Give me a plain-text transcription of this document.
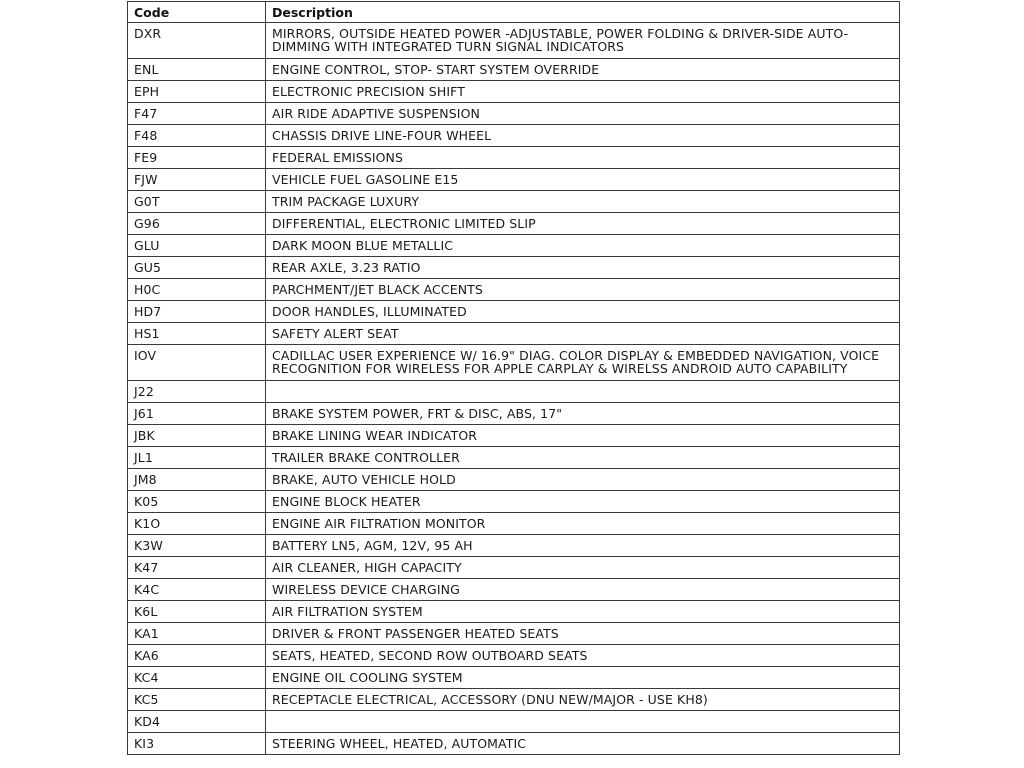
Code	Description
DXR	MIRRORS, OUTSIDE HEATED POWER -ADJUSTABLE, POWER FOLDING & DRIVER-SIDE AUTO-DIMMING WITH INTEGRATED TURN SIGNAL INDICATORS
ENL	ENGINE CONTROL, STOP- START SYSTEM OVERRIDE
EPH	ELECTRONIC PRECISION SHIFT
F47	AIR RIDE ADAPTIVE SUSPENSION
F48	CHASSIS DRIVE LINE-FOUR WHEEL
FE9	FEDERAL EMISSIONS
FJW	VEHICLE FUEL GASOLINE E15
G0T	TRIM PACKAGE LUXURY
G96	DIFFERENTIAL, ELECTRONIC LIMITED SLIP
GLU	DARK MOON BLUE METALLIC
GU5	REAR AXLE, 3.23 RATIO
H0C	PARCHMENT/JET BLACK ACCENTS
HD7	DOOR HANDLES, ILLUMINATED
HS1	SAFETY ALERT SEAT
IOV	CADILLAC USER EXPERIENCE W/ 16.9" DIAG. COLOR DISPLAY & EMBEDDED NAVIGATION, VOICE RECOGNITION FOR WIRELESS FOR APPLE CARPLAY & WIRELSS ANDROID AUTO CAPABILITY
J22	
J61	BRAKE SYSTEM POWER, FRT & DISC, ABS, 17"
JBK	BRAKE LINING WEAR INDICATOR
JL1	TRAILER BRAKE CONTROLLER
JM8	BRAKE, AUTO VEHICLE HOLD
K05	ENGINE BLOCK HEATER
K1O	ENGINE AIR FILTRATION MONITOR
K3W	BATTERY LN5, AGM, 12V, 95 AH
K47	AIR CLEANER, HIGH CAPACITY
K4C	WIRELESS DEVICE CHARGING
K6L	AIR FILTRATION SYSTEM
KA1	DRIVER & FRONT PASSENGER HEATED SEATS
KA6	SEATS, HEATED, SECOND ROW OUTBOARD SEATS
KC4	ENGINE OIL COOLING SYSTEM
KC5	RECEPTACLE ELECTRICAL, ACCESSORY (DNU NEW/MAJOR - USE KH8)
KD4	
KI3	STEERING WHEEL, HEATED, AUTOMATIC
